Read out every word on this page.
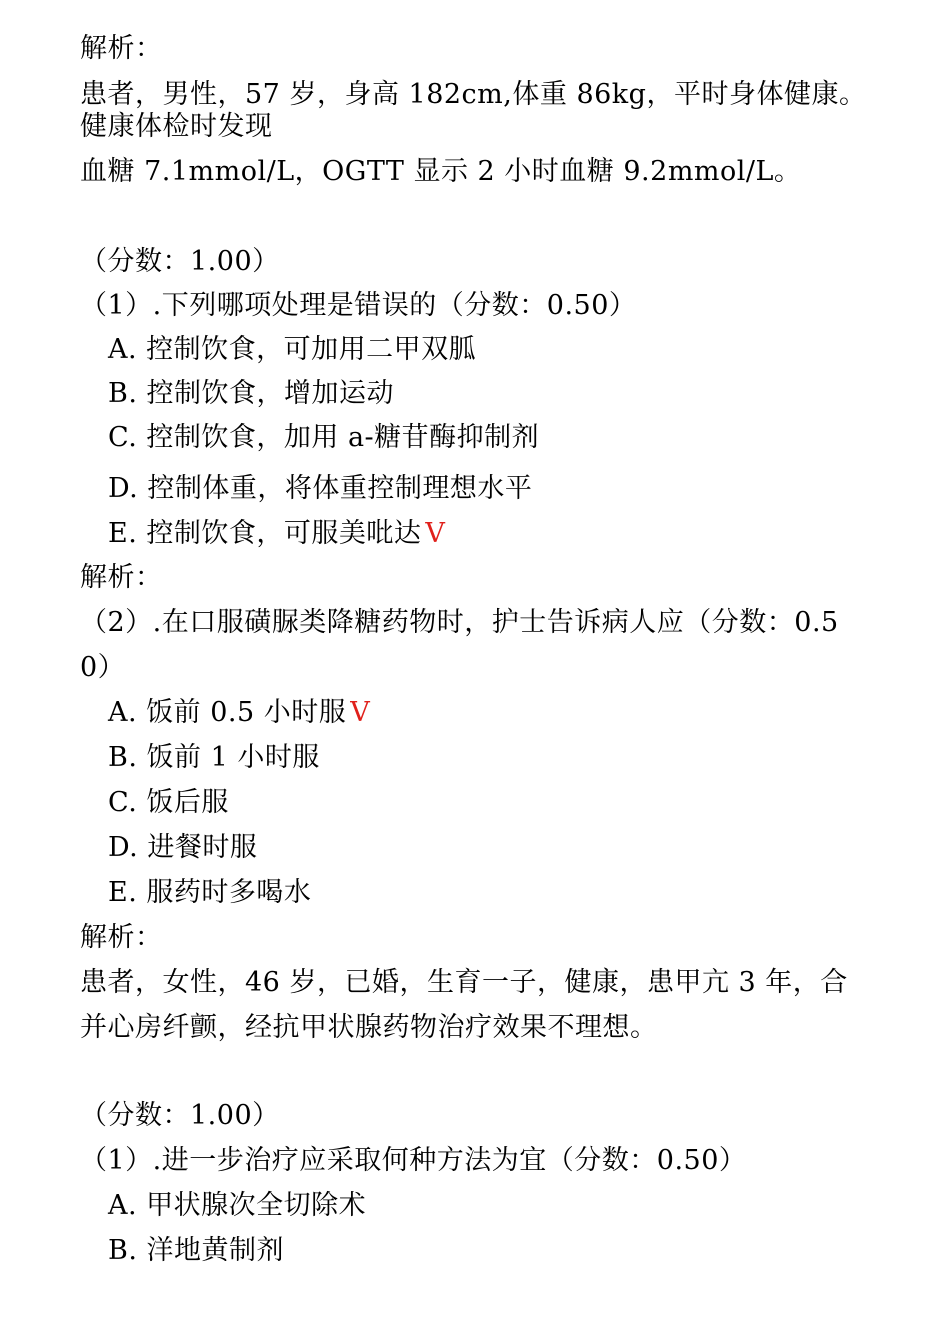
解析：
患者，男性，57 岁，身高 182cm,体重 86kg，平时身体健康。
健康体检时发现
血糖 7.1mmol/L，OGTT 显示 2 小时血糖 9.2mmol/L。
（分数：1.00）
（1）.下列哪项处理是错误的（分数：0.50）
A. 控制饮食，可加用二甲双胍
B. 控制饮食，增加运动
C. 控制饮食，加用 a-糖苷酶抑制剂
D. 控制体重，将体重控制理想水平
E. 控制饮食，可服美吡达 V
解析：
（2）.在口服磺脲类降糖药物时，护士告诉病人应（分数：0.5
0）
A. 饭前 0.5 小时服 V
B. 饭前 1 小时服
C. 饭后服
D. 进餐时服
E. 服药时多喝水
解析：
患者，女性，46 岁，已婚，生育一子，健康，患甲亢 3 年，合
并心房纤颤，经抗甲状腺药物治疗效果不理想。
（分数：1.00）
（1）.进一步治疗应采取何种方法为宜（分数：0.50）
A. 甲状腺次全切除术
B. 洋地黄制剂
